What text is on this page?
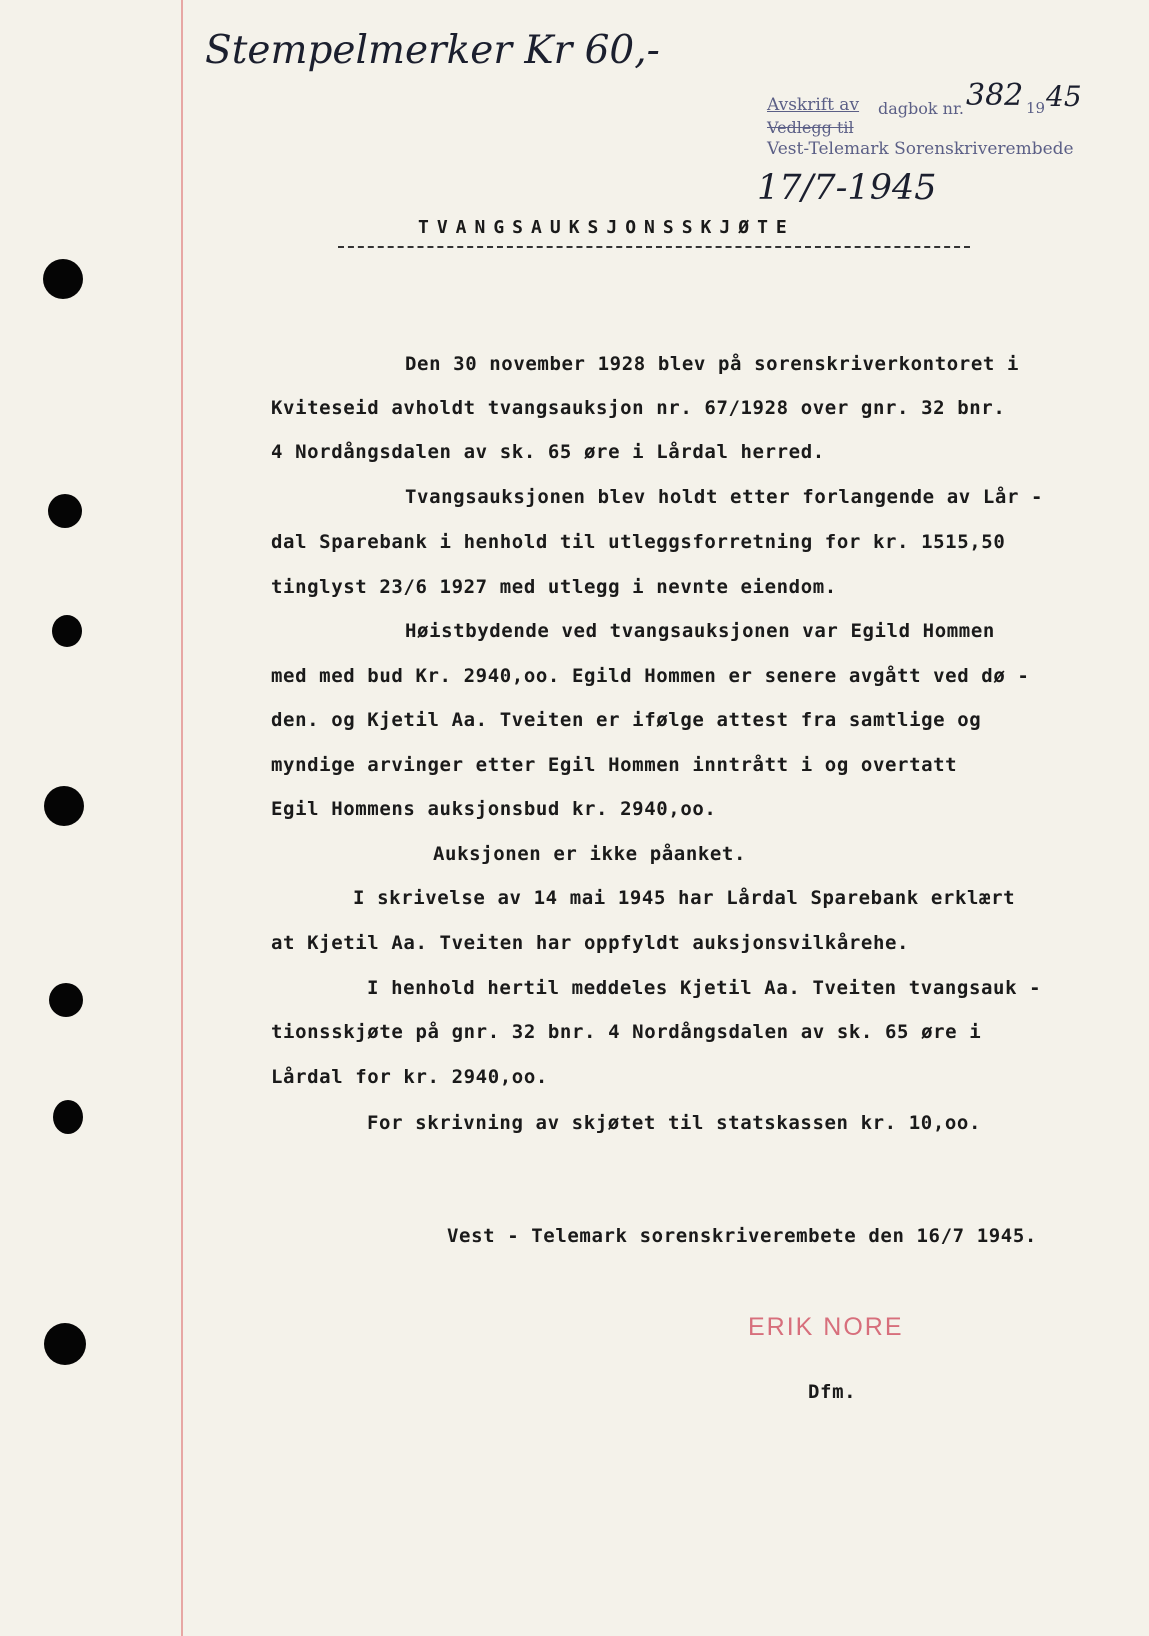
Stempelmerker Kr 60,-
Avskrift av dagbok nr. 382 19 45
Vedlegg til
Vest-Telemark Sorenskriverembede
17/7-1945
TVANGSAUKSJONSSKJØTE
Den 30 november 1928 blev på sorenskriverkontoret i
Kviteseid avholdt tvangsauksjon nr. 67/1928 over gnr. 32 bnr.
4 Nordångsdalen av sk. 65 øre i Lårdal herred.
Tvangsauksjonen blev holdt etter forlangende av Lår -
dal Sparebank i henhold til utleggsforretning for kr. 1515,50
tinglyst 23/6 1927 med utlegg i nevnte eiendom.
Høistbydende ved tvangsauksjonen var Egild Hommen
med med bud Kr. 2940,oo. Egild Hommen er senere avgått ved dø -
den. og Kjetil Aa. Tveiten er ifølge attest fra samtlige og
myndige arvinger etter Egil Hommen inntrått i og overtatt
Egil Hommens auksjonsbud kr. 2940,oo.
Auksjonen er ikke påanket.
I skrivelse av 14 mai 1945 har Lårdal Sparebank erklært
at Kjetil Aa. Tveiten har oppfyldt auksjonsvilkårehe.
I henhold hertil meddeles Kjetil Aa. Tveiten tvangsauk -
tionsskjøte på gnr. 32 bnr. 4 Nordångsdalen av sk. 65 øre i
Lårdal for kr. 2940,oo.
For skrivning av skjøtet til statskassen kr. 10,oo.
Vest - Telemark sorenskriverembete den 16/7 1945.
ERIK NORE
Dfm.
